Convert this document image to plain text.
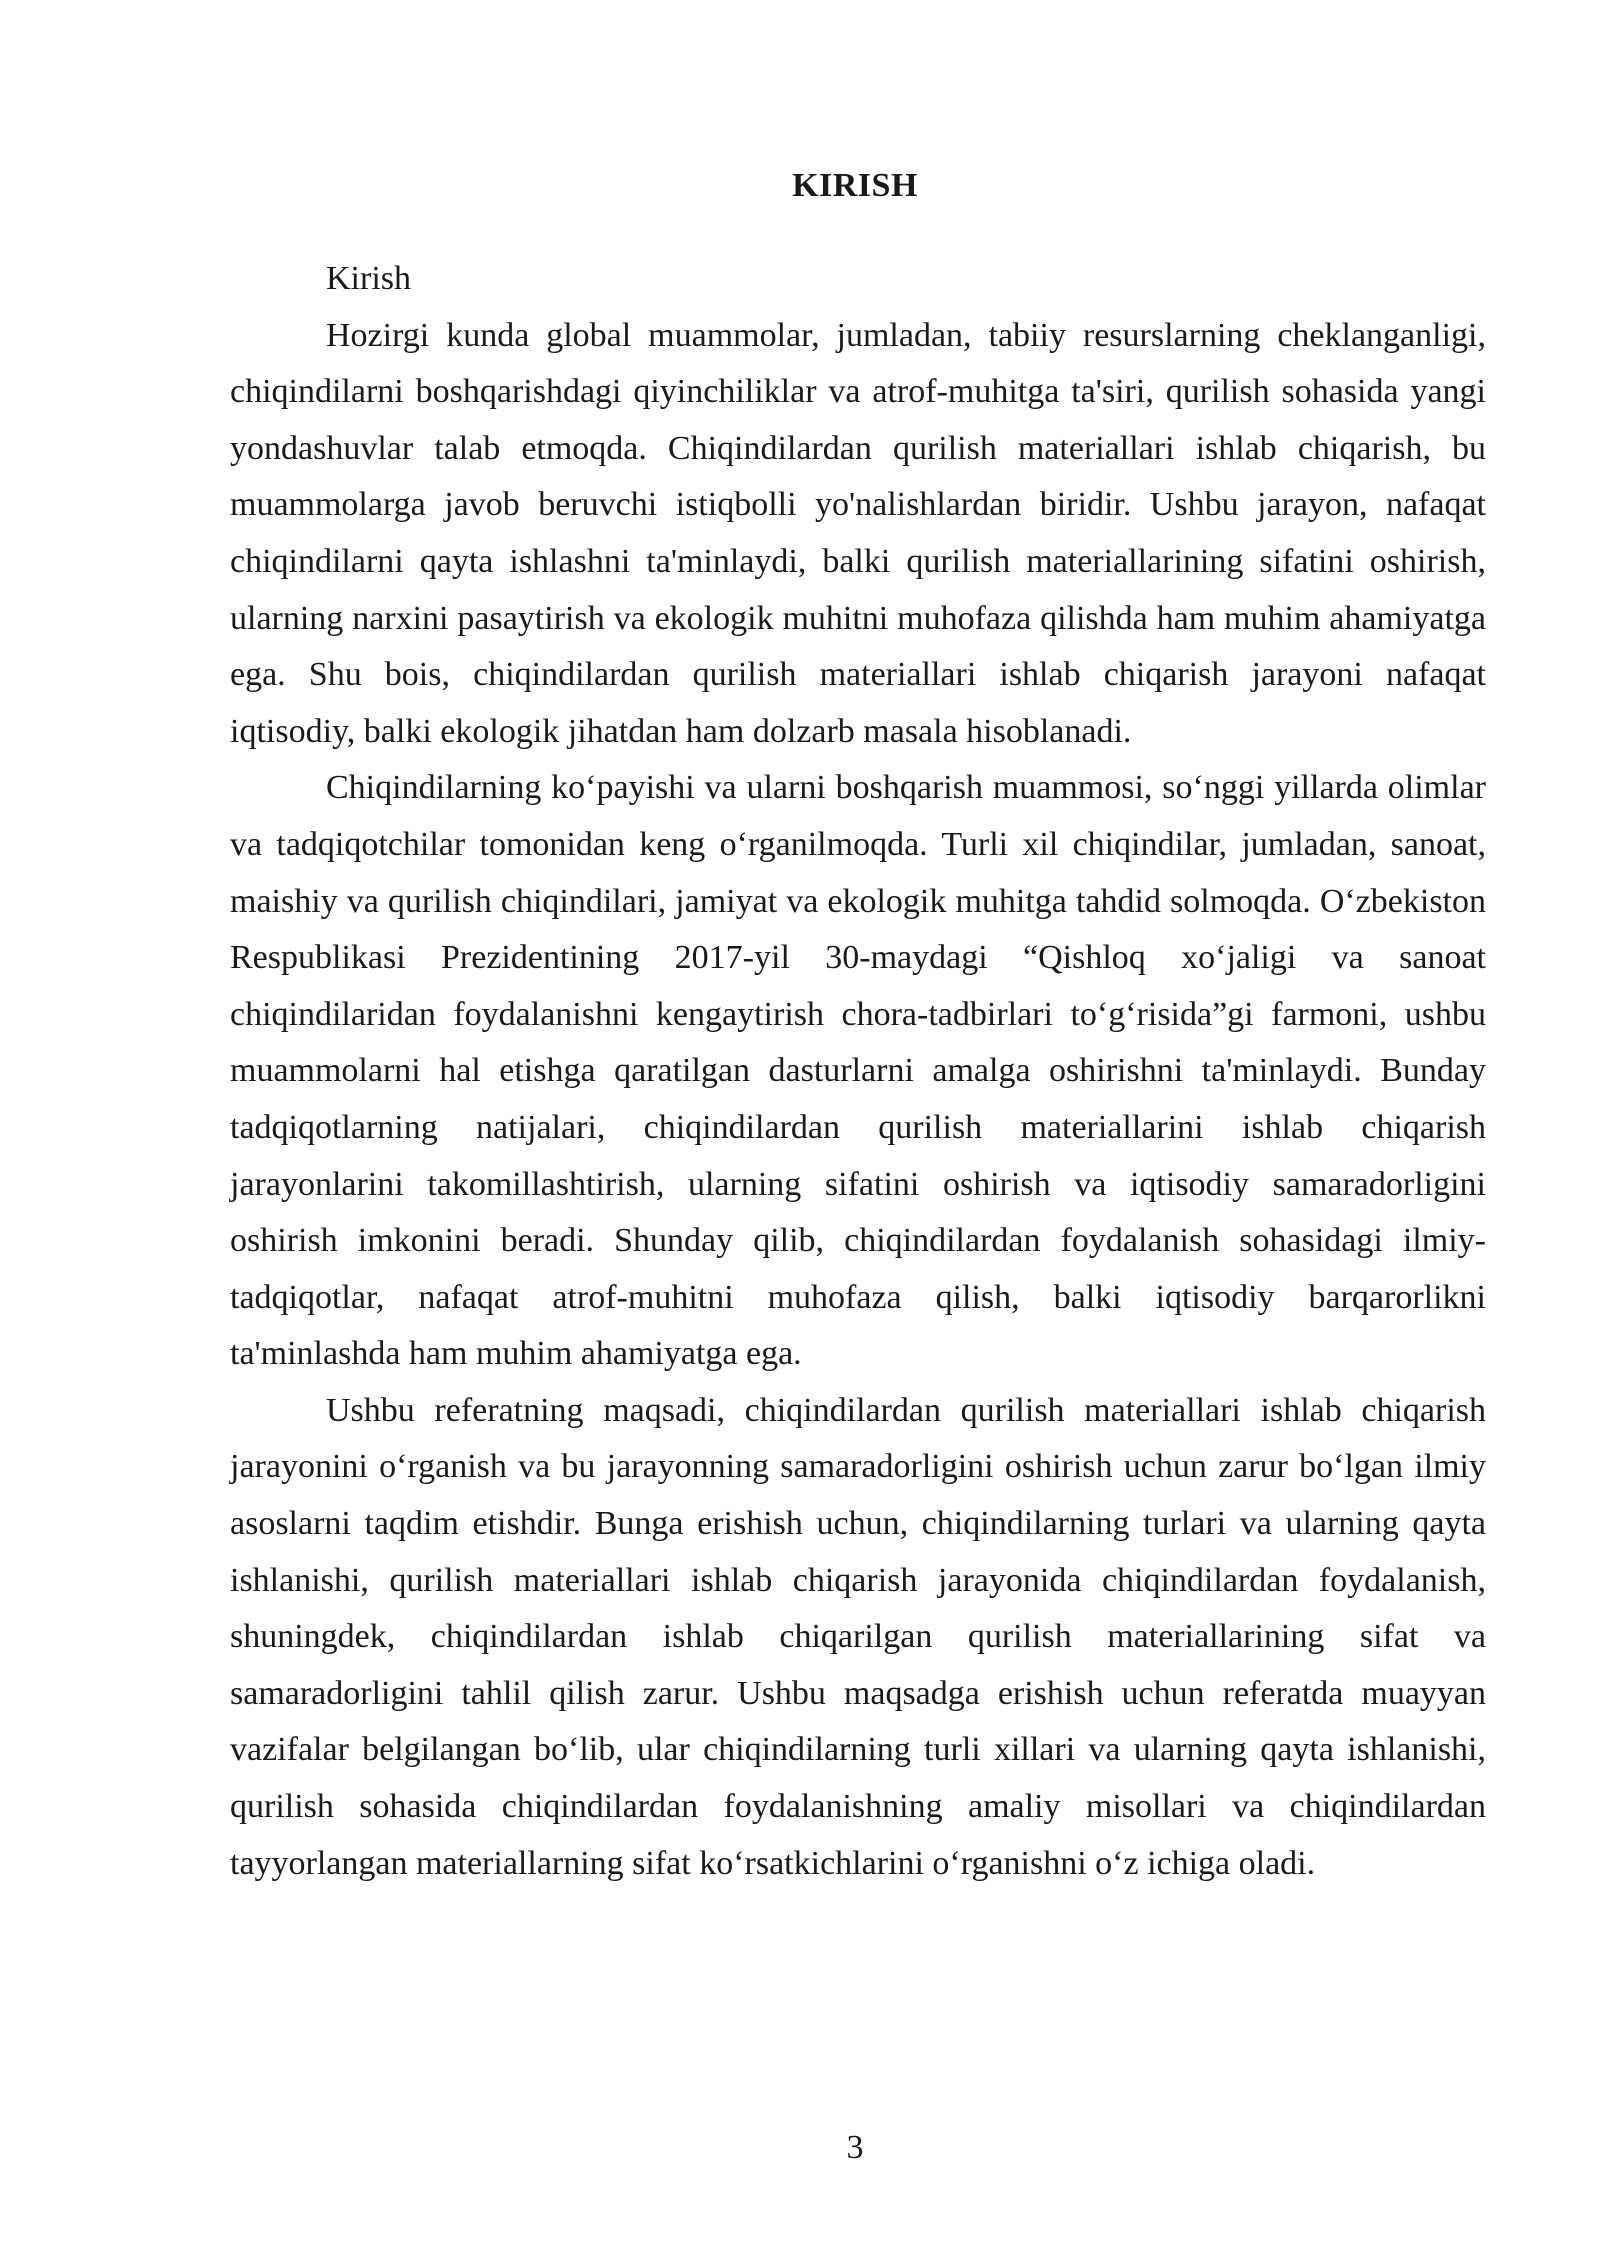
KIRISH

Kirish

Hozirgi kunda global muammolar, jumladan, tabiiy resurslarning cheklanganligi, chiqindilarni boshqarishdagi qiyinchiliklar va atrof-muhitga ta'siri, qurilish sohasida yangi yondashuvlar talab etmoqda. Chiqindilardan qurilish materiallari ishlab chiqarish, bu muammolarga javob beruvchi istiqbolli yo'nalishlardan biridir. Ushbu jarayon, nafaqat chiqindilarni qayta ishlashni ta'minlaydi, balki qurilish materiallarining sifatini oshirish, ularning narxini pasaytirish va ekologik muhitni muhofaza qilishda ham muhim ahamiyatga ega. Shu bois, chiqindilardan qurilish materiallari ishlab chiqarish jarayoni nafaqat iqtisodiy, balki ekologik jihatdan ham dolzarb masala hisoblanadi.

Chiqindilarning koʻpayishi va ularni boshqarish muammosi, soʻnggi yillarda olimlar va tadqiqotchilar tomonidan keng oʻrganilmoqda. Turli xil chiqindilar, jumladan, sanoat, maishiy va qurilish chiqindilari, jamiyat va ekologik muhitga tahdid solmoqda. Oʻzbekiston Respublikasi Prezidentining 2017-yil 30-maydagi “Qishloq xoʻjaligi va sanoat chiqindilaridan foydalanishni kengaytirish chora-tadbirlari toʻgʻrisida”gi farmoni, ushbu muammolarni hal etishga qaratilgan dasturlarni amalga oshirishni ta'minlaydi. Bunday tadqiqotlarning natijalari, chiqindilardan qurilish materiallarini ishlab chiqarish jarayonlarini takomillashtirish, ularning sifatini oshirish va iqtisodiy samaradorligini oshirish imkonini beradi. Shunday qilib, chiqindilardan foydalanish sohasidagi ilmiy-tadqiqotlar, nafaqat atrof-muhitni muhofaza qilish, balki iqtisodiy barqarorlikni ta'minlashda ham muhim ahamiyatga ega.

Ushbu referatning maqsadi, chiqindilardan qurilish materiallari ishlab chiqarish jarayonini oʻrganish va bu jarayonning samaradorligini oshirish uchun zarur boʻlgan ilmiy asoslarni taqdim etishdir. Bunga erishish uchun, chiqindilarning turlari va ularning qayta ishlanishi, qurilish materiallari ishlab chiqarish jarayonida chiqindilardan foydalanish, shuningdek, chiqindilardan ishlab chiqarilgan qurilish materiallarining sifat va samaradorligini tahlil qilish zarur. Ushbu maqsadga erishish uchun referatda muayyan vazifalar belgilangan boʻlib, ular chiqindilarning turli xillari va ularning qayta ishlanishi, qurilish sohasida chiqindilardan foydalanishning amaliy misollari va chiqindilardan tayyorlangan materiallarning sifat koʻrsatkichlarini oʻrganishni oʻz ichiga oladi.

3
